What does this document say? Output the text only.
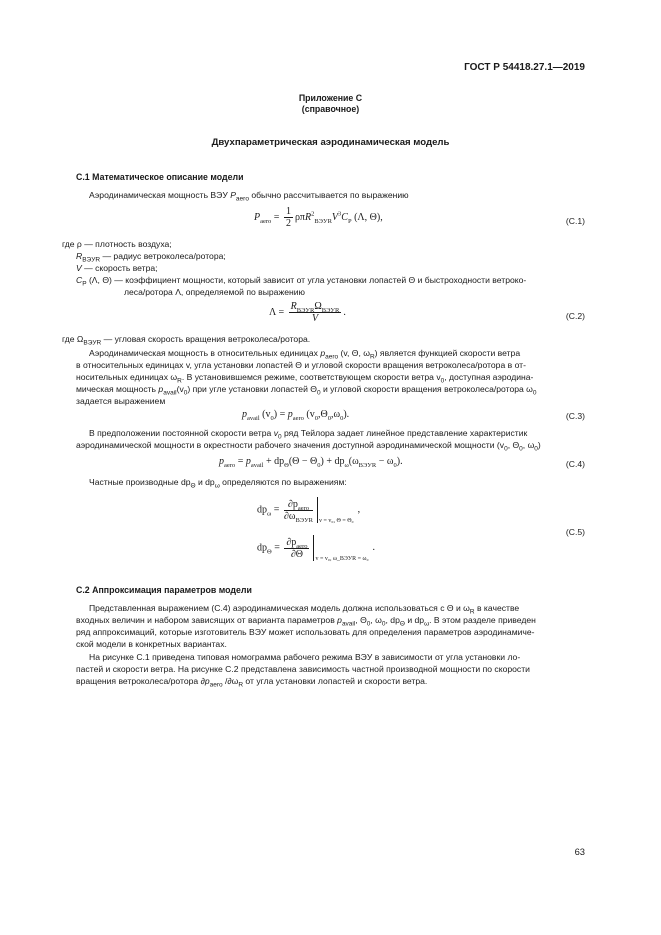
ГОСТ Р 54418.27.1—2019
Приложение С
(справочное)
Двухпараметрическая аэродинамическая модель
С.1 Математическое описание модели
Аэродинамическая мощность ВЭУ $P_{aero}$ обычно рассчитывается по выражению
$P_{aero} = \frac{1}{2} \rho\pi R^2_{ВЭУR}V^3C_P$ (Λ, Θ),	(С.1)
где ρ — плотность воздуха;
$R_{ВЭУR}$ — радиус ветроколеса/ротора;
V — скорость ветра;
$C_P$ (Λ, Θ) — коэффициент мощности, который зависит от угла установки лопастей Θ и быстроходности ветроко-
леса/ротора Λ, определяемой по выражению
$\Lambda = \frac{R_{ВЭУR}\Omega_{ВЭУR}}{V}$ .	(С.2)
где $\Omega_{ВЭУR}$ — угловая скорость вращения ветроколеса/ротора.
Аэродинамическая мощность в относительных единицах $p_{aero}$ (v, Θ, $\omega_R$) является функцией скорости ветра
в относительных единицах v, угла установки лопастей Θ и угловой скорости вращения ветроколеса/ротора в от-
носительных единицах $\omega_R$. В установившемся режиме, соответствующем скорости ветра $v_0$, доступная аэродина-
мическая мощность $p_{avail}(v_0)$ при угле установки лопастей $\Theta_0$ и угловой скорости вращения ветроколеса/ротора $\omega_0$
задается выражением
$p_{avail}$ $(v_0) = p_{aero}$ $(v_0,\Theta_0,\omega_0)$.	(С.3)
В предположении постоянной скорости ветра $v_0$ ряд Тейлора задает линейное представление характеристик
аэродинамической мощности в окрестности рабочего значения доступной аэродинамической мощности ($v_0$, $\Theta_0$, $\omega_0$)
$p_{aero} = p_{avail} + dp_\Theta(\Theta - \Theta_0) + dp_\omega(\omega_{ВЭУR} - \omega_0)$.	(С.4)
Частные производные $dp_\Theta$ и $dp_\omega$ определяются по выражениям:
$dp_\omega = \frac{\partial p_{aero}}{\partial\omega_{ВЭУR}} _{v = v_0, \Theta = \Theta_0}$,
$dp_\Theta = \frac{\partial p_{aero}}{\partial\Theta} _{v = v_0, \omega\_ВЭУR = \omega_0}$.
(С.5)
С.2 Аппроксимация параметров модели
Представленная выражением (С.4) аэродинамическая модель должна использоваться с Θ и $\omega_R$ в качестве
входных величин и набором зависящих от варианта параметров $p_{avail}$, $\Theta_0$, $\omega_0$, $dp_\Theta$ и $dp_\omega$. В этом разделе приведен
ряд аппроксимаций, которые изготовитель ВЭУ может использовать для определения параметров аэродинамиче-
ской модели в конкретных вариантах.
На рисунке С.1 приведена типовая номограмма рабочего режима ВЭУ в зависимости от угла установки ло-
пастей и скорости ветра. На рисунке С.2 представлена зависимость частной производной мощности по скорости
вращения ветроколеса/ротора $\partial p_{aero}$ $/\partial\omega_R$ от угла установки лопастей и скорости ветра.
63
